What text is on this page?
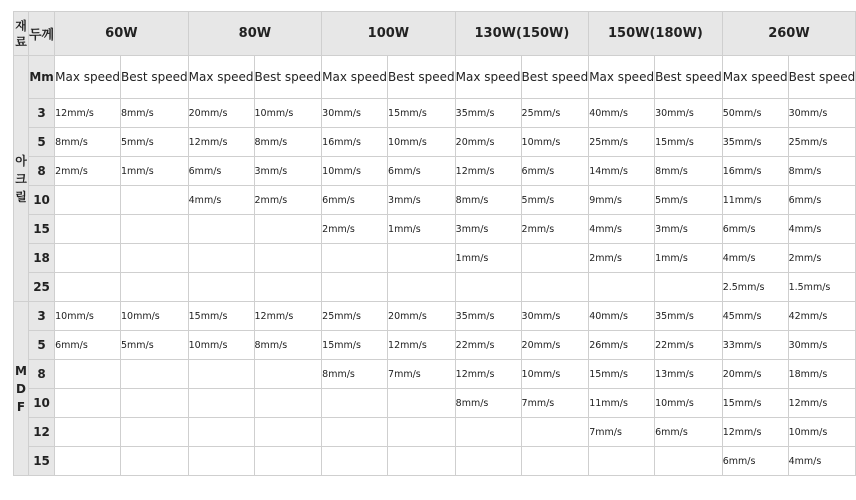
재료	두께	60W		80W		100W		130W(150W)		150W(180W)		260W	
아크릴	Mm	Max speed	Best speed	Max speed	Best speed	Max speed	Best speed	Max speed	Best speed	Max speed	Best speed	Max speed	Best speed
	3	12mm/s	8mm/s	20mm/s	10mm/s	30mm/s	15mm/s	35mm/s	25mm/s	40mm/s	30mm/s	50mm/s	30mm/s
	5	8mm/s	5mm/s	12mm/s	8mm/s	16mm/s	10mm/s	20mm/s	10mm/s	25mm/s	15mm/s	35mm/s	25mm/s
	8	2mm/s	1mm/s	6mm/s	3mm/s	10mm/s	6mm/s	12mm/s	6mm/s	14mm/s	8mm/s	16mm/s	8mm/s
	10			4mm/s	2mm/s	6mm/s	3mm/s	8mm/s	5mm/s	9mm/s	5mm/s	11mm/s	6mm/s
	15					2mm/s	1mm/s	3mm/s	2mm/s	4mm/s	3mm/s	6mm/s	4mm/s
	18							1mm/s		2mm/s	1mm/s	4mm/s	2mm/s
	25											2.5mm/s	1.5mm/s
MDF	3	10mm/s	10mm/s	15mm/s	12mm/s	25mm/s	20mm/s	35mm/s	30mm/s	40mm/s	35mm/s	45mm/s	42mm/s
	5	6mm/s	5mm/s	10mm/s	8mm/s	15mm/s	12mm/s	22mm/s	20mm/s	26mm/s	22mm/s	33mm/s	30mm/s
	8					8mm/s	7mm/s	12mm/s	10mm/s	15mm/s	13mm/s	20mm/s	18mm/s
	10							8mm/s	7mm/s	11mm/s	10mm/s	15mm/s	12mm/s
	12									7mm/s	6mm/s	12mm/s	10mm/s
	15											6mm/s	4mm/s
